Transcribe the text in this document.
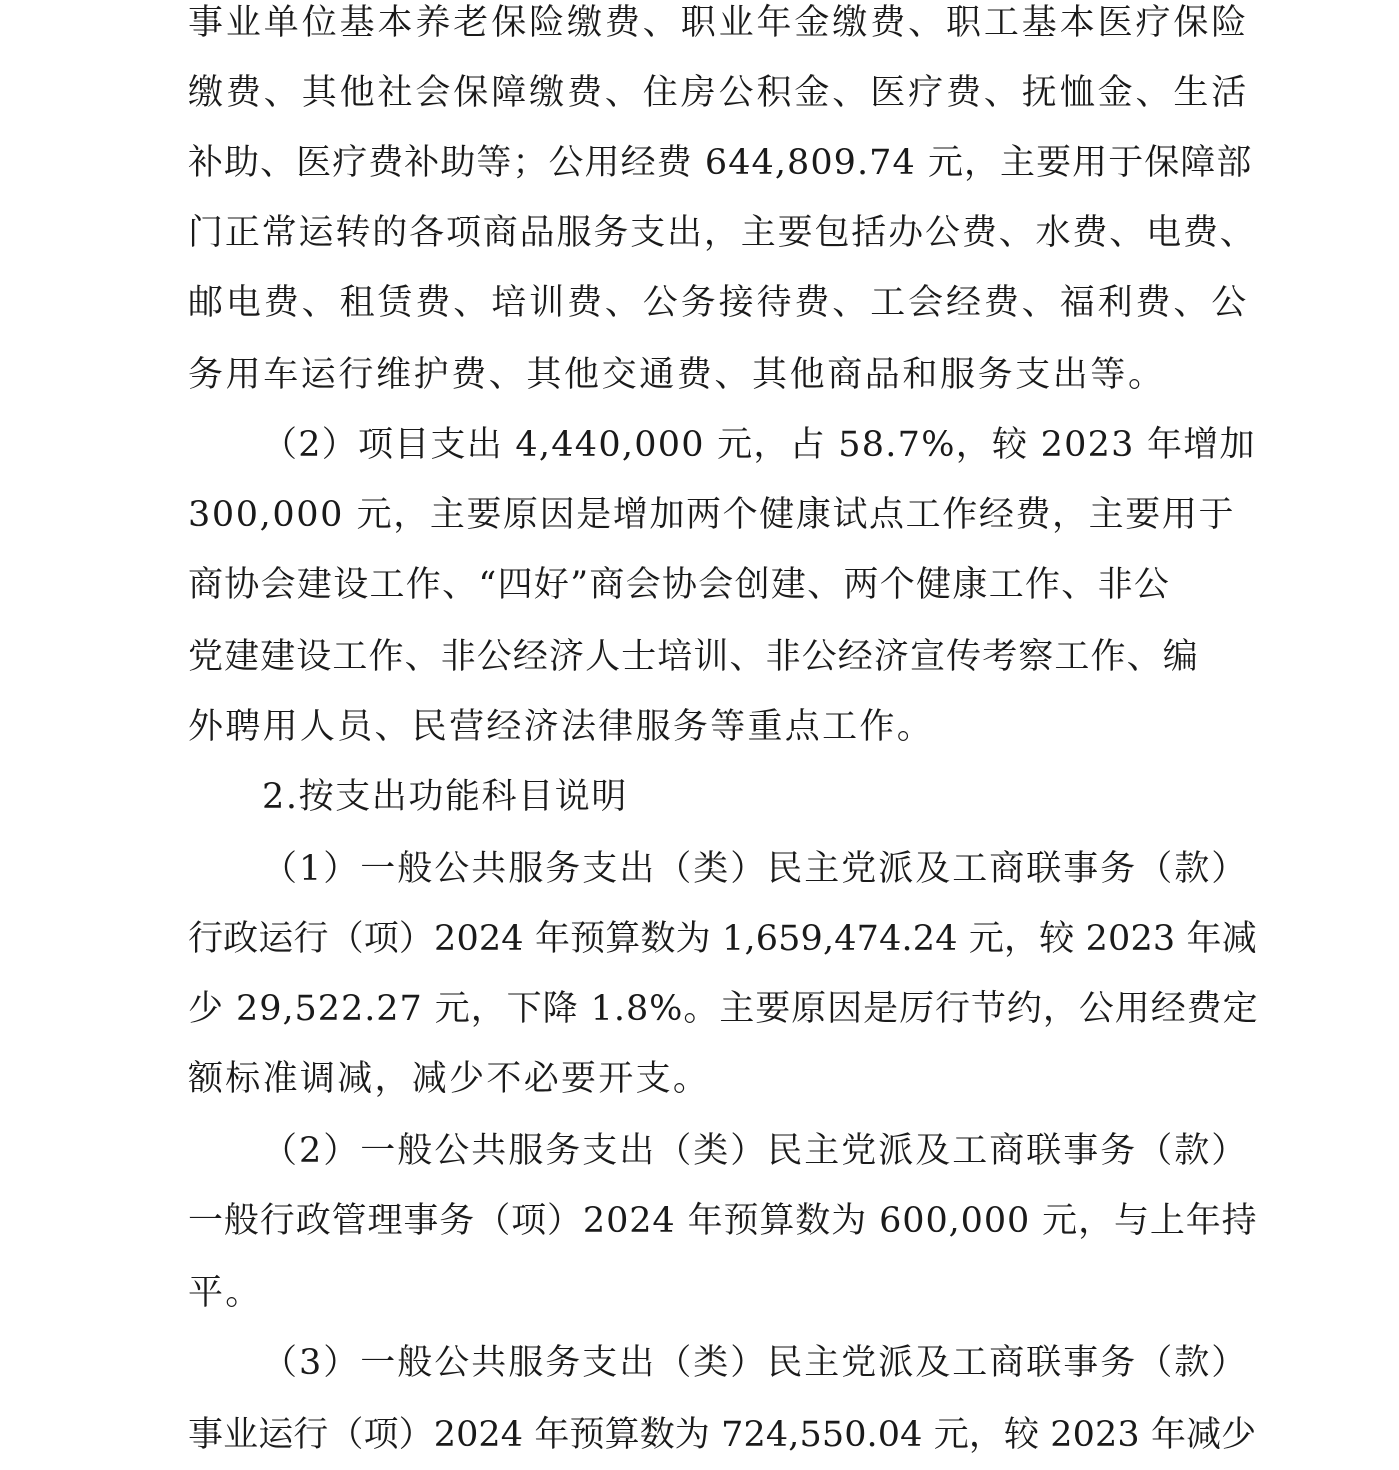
事业单位基本养老保险缴费、职业年金缴费、职工基本医疗保险
缴费、其他社会保障缴费、住房公积金、医疗费、抚恤金、生活
补助、医疗费补助等；公用经费 644,809.74 元，主要用于保障部
门正常运转的各项商品服务支出，主要包括办公费、水费、电费、
邮电费、租赁费、培训费、公务接待费、工会经费、福利费、公
务用车运行维护费、其他交通费、其他商品和服务支出等。
（2）项目支出 4,440,000 元，占 58.7%，较 2023 年增加
300,000 元，主要原因是增加两个健康试点工作经费，主要用于
商协会建设工作、“四好”商会协会创建、两个健康工作、非公
党建建设工作、非公经济人士培训、非公经济宣传考察工作、编
外聘用人员、民营经济法律服务等重点工作。
2.按支出功能科目说明
（1）一般公共服务支出（类）民主党派及工商联事务（款）
行政运行（项）2024 年预算数为 1,659,474.24 元，较 2023 年减
少 29,522.27 元，下降 1.8%。主要原因是厉行节约，公用经费定
额标准调减，减少不必要开支。
（2）一般公共服务支出（类）民主党派及工商联事务（款）
一般行政管理事务（项）2024 年预算数为 600,000 元，与上年持
平。
（3）一般公共服务支出（类）民主党派及工商联事务（款）
事业运行（项）2024 年预算数为 724,550.04 元，较 2023 年减少
